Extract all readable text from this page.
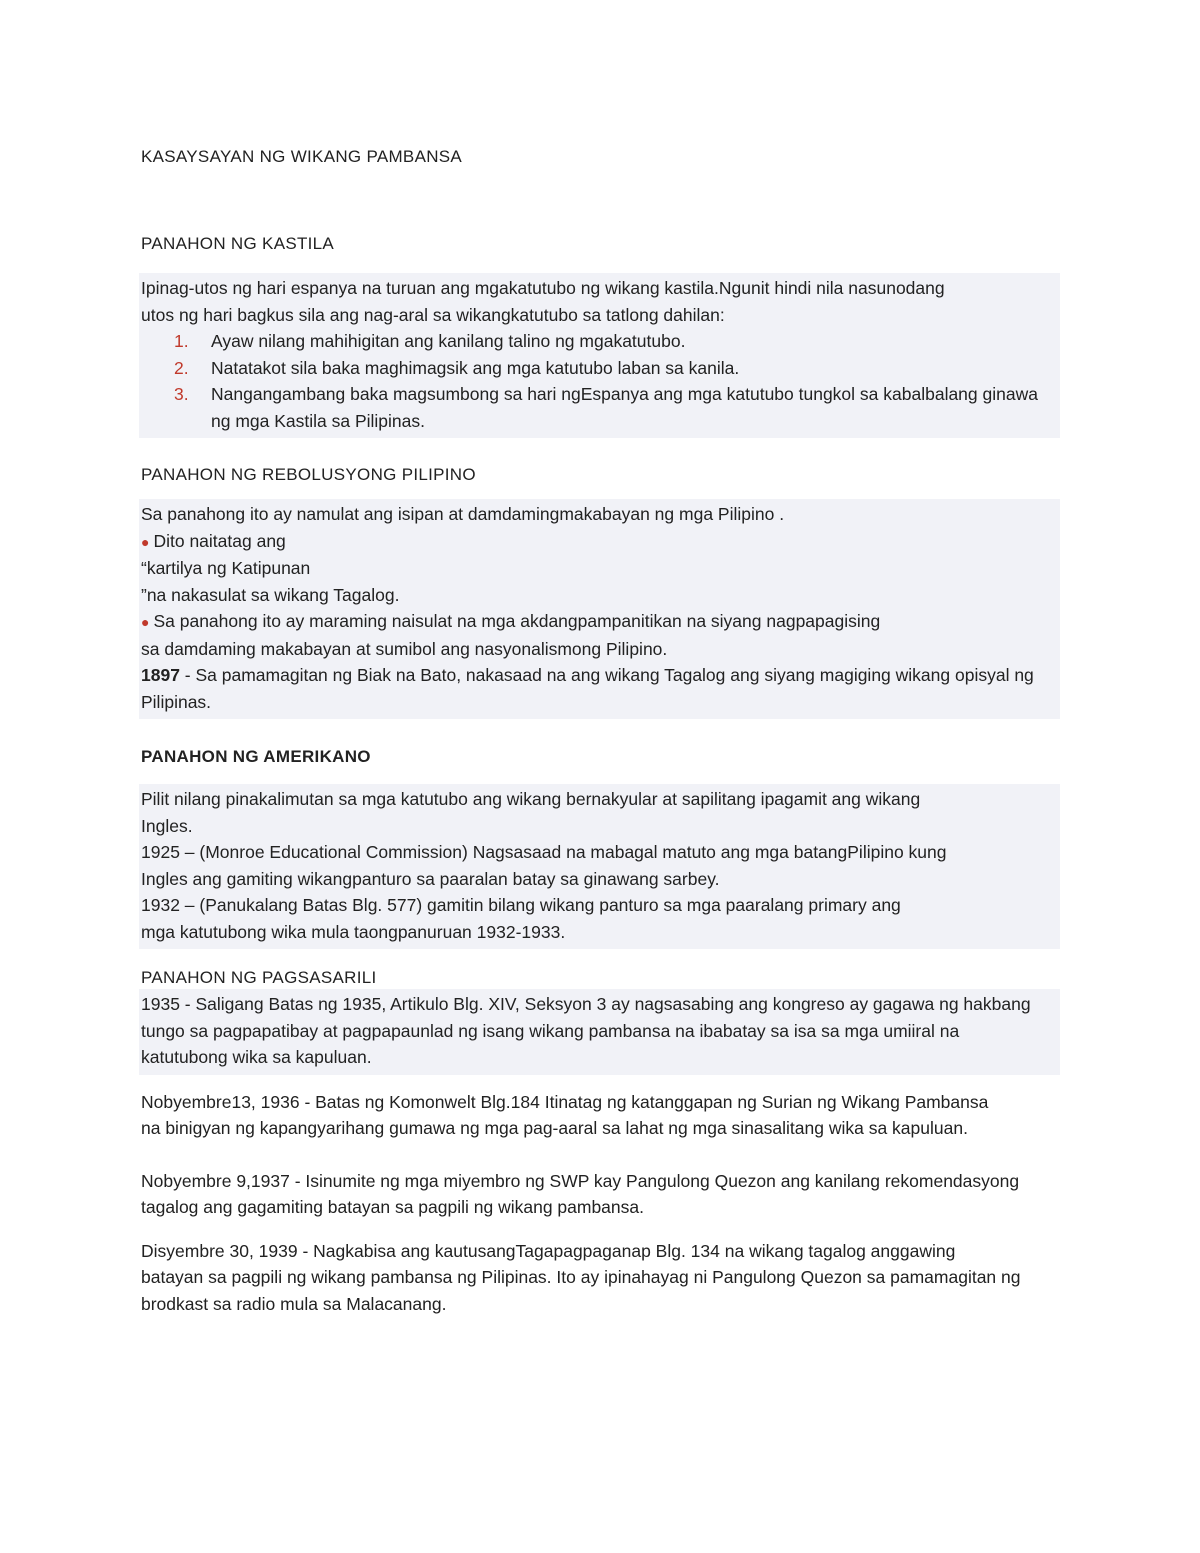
KASAYSAYAN NG WIKANG PAMBANSA

PANAHON NG KASTILA

Ipinag-utos ng hari espanya na turuan ang mgakatutubo ng wikang kastila.Ngunit hindi nila nasunodang

utos ng hari bagkus sila ang nag-aral sa wikangkatutubo sa tatlong dahilan:

1. Ayaw nilang mahihigitan ang kanilang talino ng mgakatutubo.
2. Natatakot sila baka maghimagsik ang mga katutubo laban sa kanila.
3. Nangangambang baka magsumbong sa hari ngEspanya ang mga katutubo tungkol sa kabalbalang ginawa
ng mga Kastila sa Pilipinas.

PANAHON NG REBOLUSYONG PILIPINO

Sa panahong ito ay namulat ang isipan at damdamingmakabayan ng mga Pilipino .

● Dito naitatag ang

“kartilya ng Katipunan

”na nakasulat sa wikang Tagalog.

● Sa panahong ito ay maraming naisulat na mga akdangpampanitikan na siyang nagpapagising

sa damdaming makabayan at sumibol ang nasyonalismong Pilipino.

1897 - Sa pamamagitan ng Biak na Bato, nakasaad na ang wikang Tagalog ang siyang magiging wikang opisyal ng

Pilipinas.

PANAHON NG AMERIKANO

Pilit nilang pinakalimutan sa mga katutubo ang wikang bernakyular at sapilitang ipagamit ang wikang

Ingles.

1925 – (Monroe Educational Commission) Nagsasaad na mabagal matuto ang mga batangPilipino kung

Ingles ang gamiting wikangpanturo sa paaralan batay sa ginawang sarbey.

1932 – (Panukalang Batas Blg. 577) gamitin bilang wikang panturo sa mga paaralang primary ang

mga katutubong wika mula taongpanuruan 1932-1933.

PANAHON NG PAGSASARILI

1935 - Saligang Batas ng 1935, Artikulo Blg. XIV, Seksyon 3 ay nagsasabing ang kongreso ay gagawa ng hakbang

tungo sa pagpapatibay at pagpapaunlad ng isang wikang pambansa na ibabatay sa isa sa mga umiiral na

katutubong wika sa kapuluan.

Nobyembre13, 1936 - Batas ng Komonwelt Blg.184 Itinatag ng katanggapan ng Surian ng Wikang Pambansa

na binigyan ng kapangyarihang gumawa ng mga pag-aaral sa lahat ng mga sinasalitang wika sa kapuluan.

Nobyembre 9,1937 - Isinumite ng mga miyembro ng SWP kay Pangulong Quezon ang kanilang rekomendasyong

tagalog ang gagamiting batayan sa pagpili ng wikang pambansa.

Disyembre 30, 1939 - Nagkabisa ang kautusangTagapagpaganap Blg. 134 na wikang tagalog anggawing

batayan sa pagpili ng wikang pambansa ng Pilipinas. Ito ay ipinahayag ni Pangulong Quezon sa pamamagitan ng

brodkast sa radio mula sa Malacanang.
